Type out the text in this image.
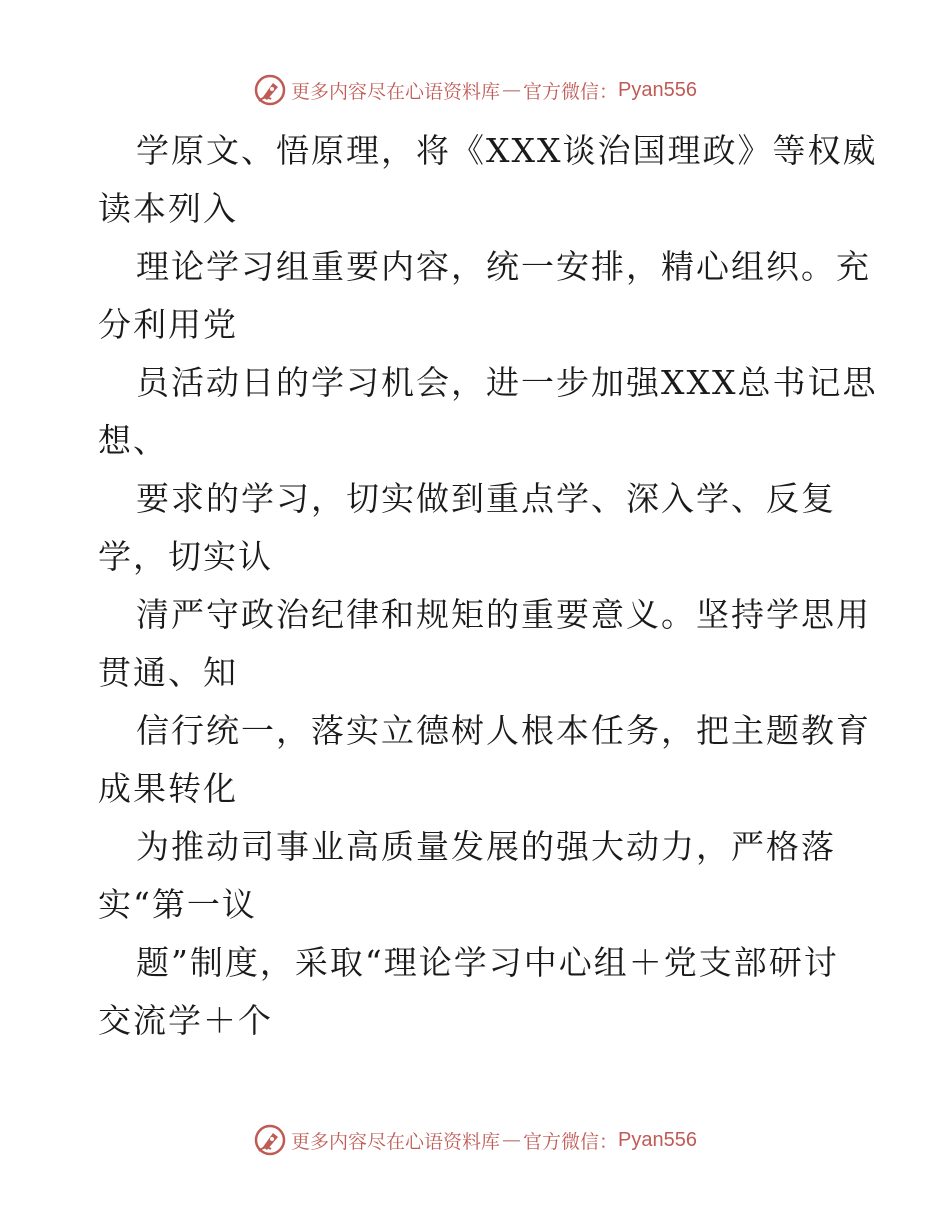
更多内容尽在心语资料库 — 官方微信： Pyan556
学原文、悟原理，将《XXX谈治国理政》等权威
读本列入
理论学习组重要内容，统一安排，精心组织。充
分利用党
员活动日的学习机会，进一步加强XXX总书记思
想、
要求的学习，切实做到重点学、深入学、反复
学，切实认
清严守政治纪律和规矩的重要意义。坚持学思用
贯通、知
信行统一，落实立德树人根本任务，把主题教育
成果转化
为推动司事业高质量发展的强大动力，严格落
实“第一议
题”制度，采取“理论学习中心组＋党支部研讨
交流学＋个
更多内容尽在心语资料库 — 官方微信： Pyan556
